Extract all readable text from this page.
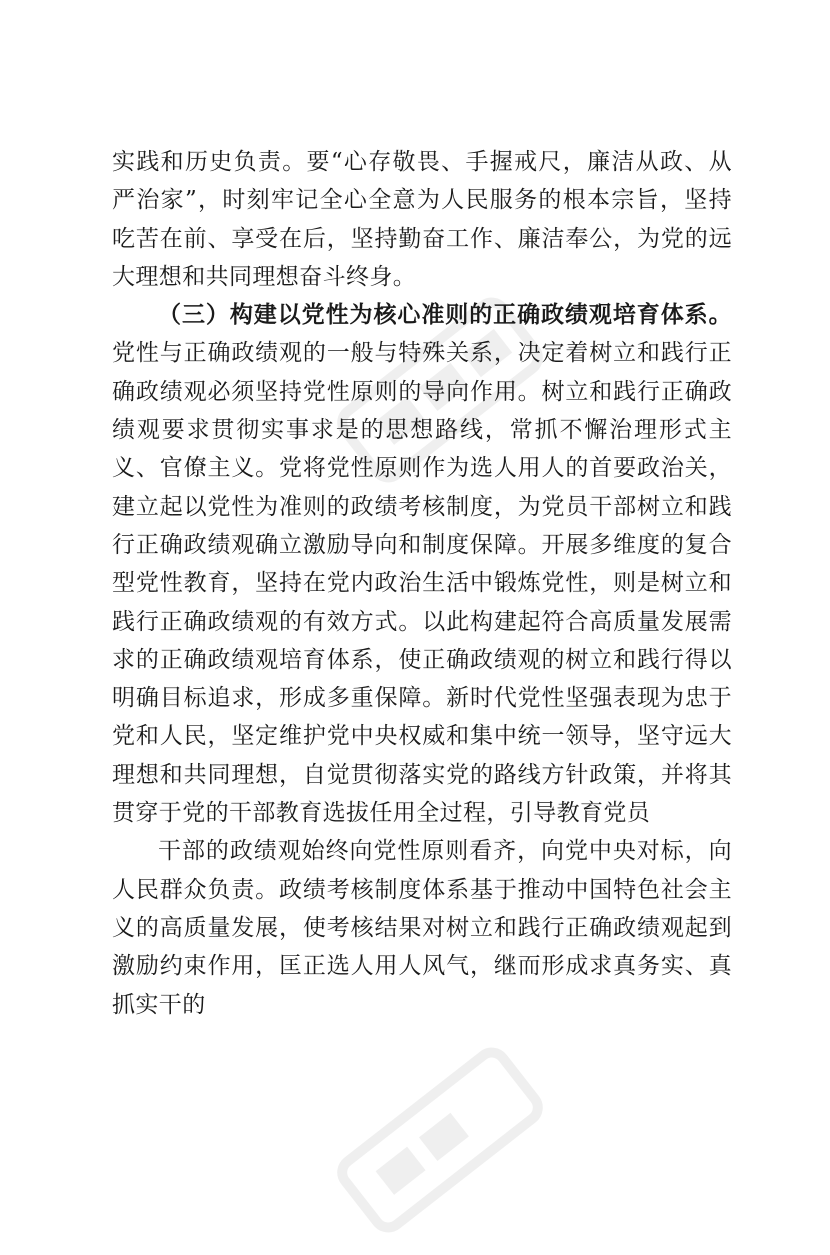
实践和历史负责。要“心存敬畏、手握戒尺，廉洁从政、从严治家”，时刻牢记全心全意为人民服务的根本宗旨，坚持吃苦在前、享受在后，坚持勤奋工作、廉洁奉公，为党的远大理想和共同理想奋斗终身。

（三）构建以党性为核心准则的正确政绩观培育体系。党性与正确政绩观的一般与特殊关系，决定着树立和践行正确政绩观必须坚持党性原则的导向作用。树立和践行正确政绩观要求贯彻实事求是的思想路线，常抓不懈治理形式主义、官僚主义。党将党性原则作为选人用人的首要政治关，建立起以党性为准则的政绩考核制度，为党员干部树立和践行正确政绩观确立激励导向和制度保障。开展多维度的复合型党性教育，坚持在党内政治生活中锻炼党性，则是树立和践行正确政绩观的有效方式。以此构建起符合高质量发展需求的正确政绩观培育体系，使正确政绩观的树立和践行得以明确目标追求，形成多重保障。新时代党性坚强表现为忠于党和人民，坚定维护党中央权威和集中统一领导，坚守远大理想和共同理想，自觉贯彻落实党的路线方针政策，并将其贯穿于党的干部教育选拔任用全过程，引导教育党员

干部的政绩观始终向党性原则看齐，向党中央对标，向人民群众负责。政绩考核制度体系基于推动中国特色社会主义的高质量发展，使考核结果对树立和践行正确政绩观起到激励约束作用，匡正选人用人风气，继而形成求真务实、真抓实干的
